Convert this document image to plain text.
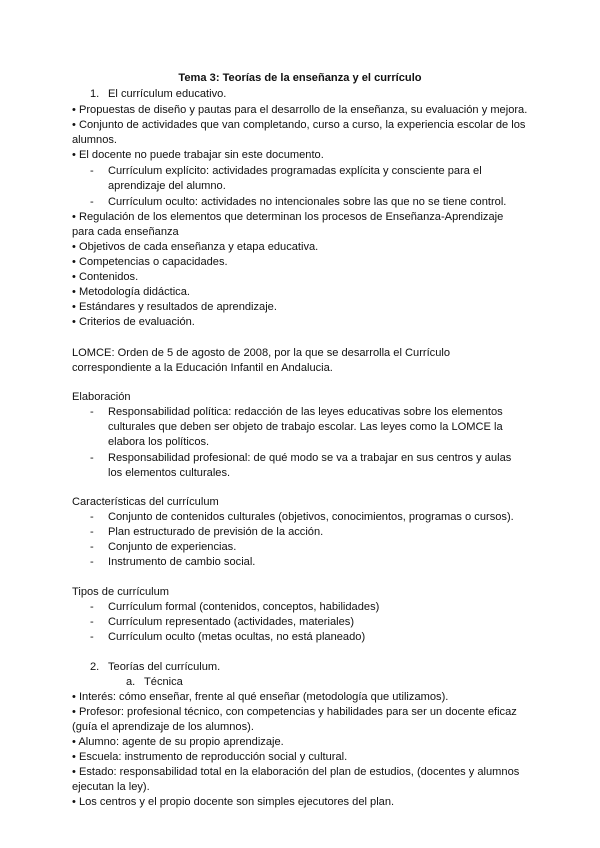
Tema 3: Teorías de la enseñanza y el currículo
1. El currículum educativo.
• Propuestas de diseño y pautas para el desarrollo de la enseñanza, su evaluación y mejora.
• Conjunto de actividades que van completando, curso a curso, la experiencia escolar de los
alumnos.
• El docente no puede trabajar sin este documento.
- Currículum explícito: actividades programadas explícita y consciente para el
aprendizaje del alumno.
- Currículum oculto: actividades no intencionales sobre las que no se tiene control.
• Regulación de los elementos que determinan los procesos de Enseñanza-Aprendizaje
para cada enseñanza
• Objetivos de cada enseñanza y etapa educativa.
• Competencias o capacidades.
• Contenidos.
• Metodología didáctica.
• Estándares y resultados de aprendizaje.
• Criterios de evaluación.
LOMCE: Orden de 5 de agosto de 2008, por la que se desarrolla el Currículo
correspondiente a la Educación Infantil en Andalucia.
Elaboración
- Responsabilidad política: redacción de las leyes educativas sobre los elementos
culturales que deben ser objeto de trabajo escolar. Las leyes como la LOMCE la
elabora los políticos.
- Responsabilidad profesional: de qué modo se va a trabajar en sus centros y aulas
los elementos culturales.
Características del currículum
- Conjunto de contenidos culturales (objetivos, conocimientos, programas o cursos).
- Plan estructurado de previsión de la acción.
- Conjunto de experiencias.
- Instrumento de cambio social.
Tipos de currículum
- Currículum formal (contenidos, conceptos, habilidades)
- Currículum representado (actividades, materiales)
- Currículum oculto (metas ocultas, no está planeado)
2. Teorías del currículum.
a. Técnica
• Interés: cómo enseñar, frente al qué enseñar (metodología que utilizamos).
• Profesor: profesional técnico, con competencias y habilidades para ser un docente eficaz
(guía el aprendizaje de los alumnos).
• Alumno: agente de su propio aprendizaje.
• Escuela: instrumento de reproducción social y cultural.
• Estado: responsabilidad total en la elaboración del plan de estudios, (docentes y alumnos
ejecutan la ley).
• Los centros y el propio docente son simples ejecutores del plan.
